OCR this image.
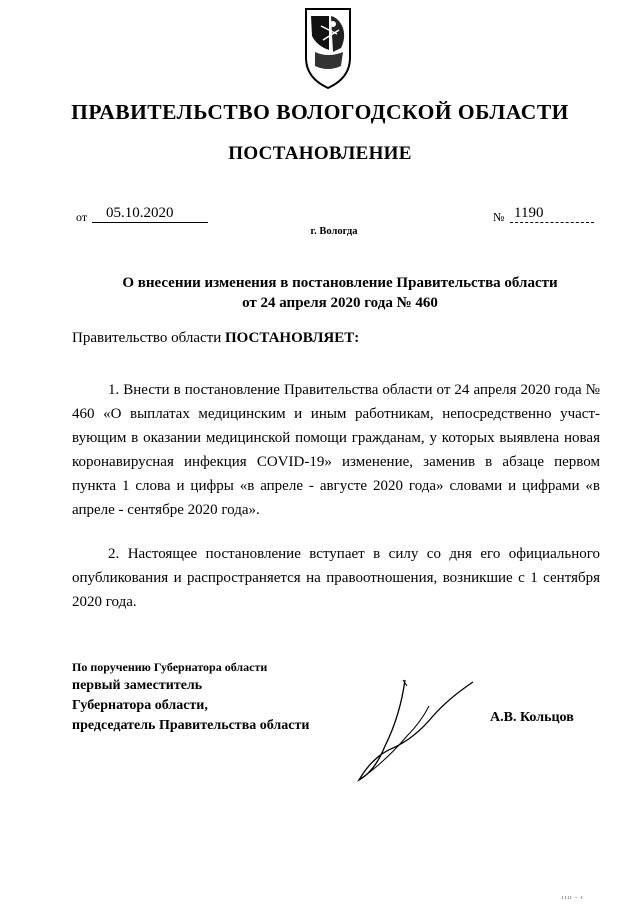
ПРАВИТЕЛЬСТВО ВОЛОГОДСКОЙ ОБЛАСТИ
ПОСТАНОВЛЕНИЕ
от	05.10.2020	№ 1190
г. Вологда
О внесении изменения в постановление Правительства области
от 24 апреля 2020 года № 460
Правительство области ПОСТАНОВЛЯЕТ:

1. Внести в постановление Правительства области от 24 апреля 2020 года № 460 «О выплатах медицинским и иным работникам, непосредственно участ-вующим в оказании медицинской помощи гражданам, у которых выявлена новая коронавирусная инфекция COVID-19» изменение, заменив в абзаце первом пункта 1 слова и цифры «в апреле - августе 2020 года» словами и цифрами «в апреле - сентябре 2020 года».

2. Настоящее постановление вступает в силу со дня его официального опубликования и распространяется на правоотношения, возникшие с 1 сентября 2020 года.

По поручению Губернатора области
первый заместитель
Губернатора области,
председатель Правительства области
А.В. Кольцов
ıııı - ı
